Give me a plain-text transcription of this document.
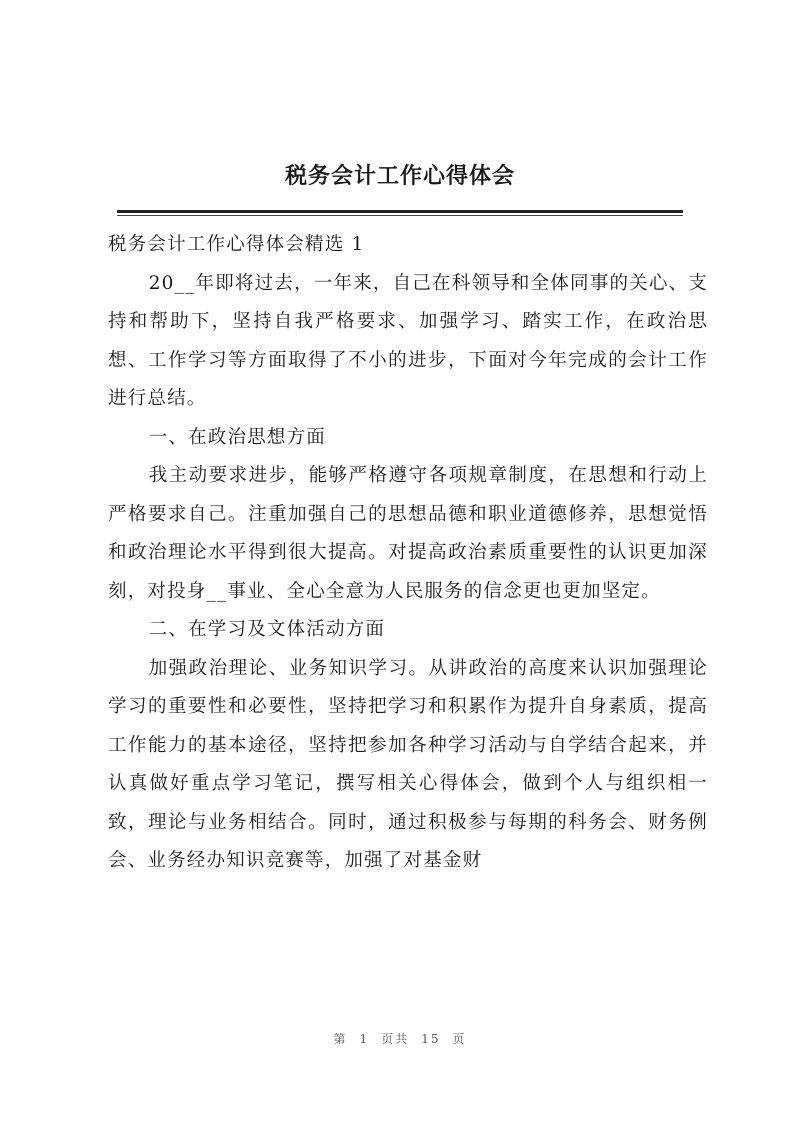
税务会计工作心得体会

税务会计工作心得体会精选 1

20__年即将过去，一年来，自己在科领导和全体同事的关心、支持和帮助下，坚持自我严格要求、加强学习、踏实工作，在政治思想、工作学习等方面取得了不小的进步，下面对今年完成的会计工作进行总结。

一、在政治思想方面

我主动要求进步，能够严格遵守各项规章制度，在思想和行动上严格要求自己。注重加强自己的思想品德和职业道德修养，思想觉悟和政治理论水平得到很大提高。对提高政治素质重要性的认识更加深刻，对投身__事业、全心全意为人民服务的信念更也更加坚定。

二、在学习及文体活动方面

加强政治理论、业务知识学习。从讲政治的高度来认识加强理论学习的重要性和必要性，坚持把学习和积累作为提升自身素质，提高工作能力的基本途径，坚持把参加各种学习活动与自学结合起来，并认真做好重点学习笔记，撰写相关心得体会，做到个人与组织相一致，理论与业务相结合。同时，通过积极参与每期的科务会、财务例会、业务经办知识竞赛等，加强了对基金财

第 1 页共 15 页
